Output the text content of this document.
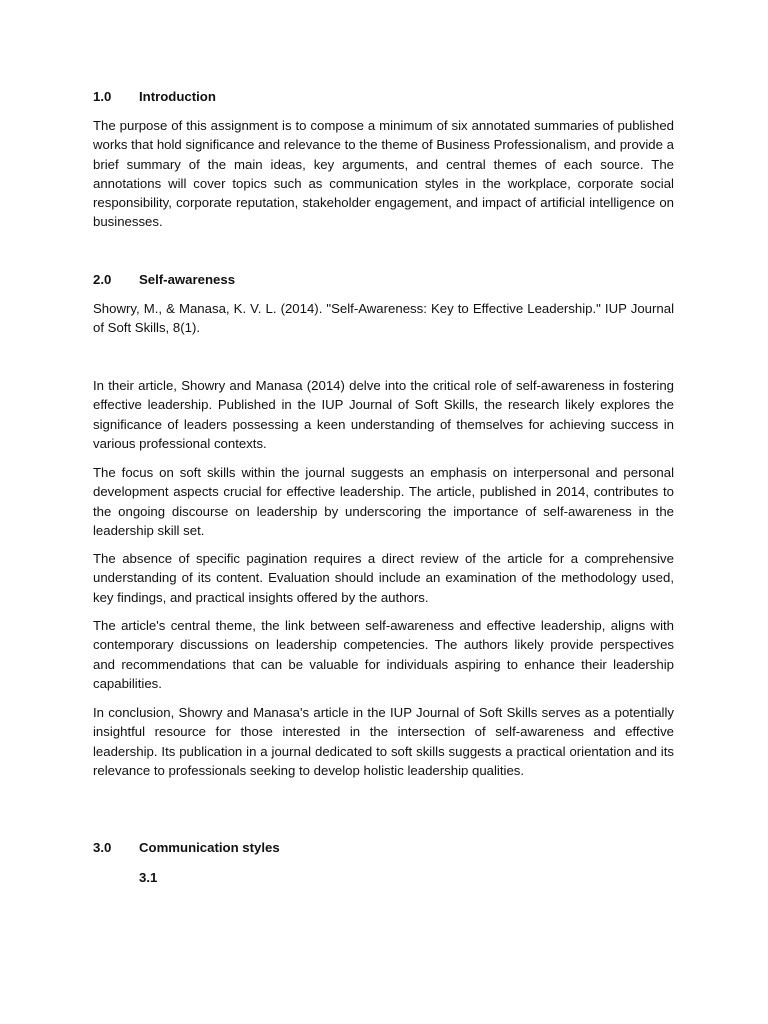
1.0 Introduction

The purpose of this assignment is to compose a minimum of six annotated summaries of published works that hold significance and relevance to the theme of Business Professionalism, and provide a brief summary of the main ideas, key arguments, and central themes of each source. The annotations will cover topics such as communication styles in the workplace, corporate social responsibility, corporate reputation, stakeholder engagement, and impact of artificial intelligence on businesses.

2.0 Self-awareness

Showry, M., & Manasa, K. V. L. (2014). "Self-Awareness: Key to Effective Leadership." IUP Journal of Soft Skills, 8(1).

In their article, Showry and Manasa (2014) delve into the critical role of self-awareness in fostering effective leadership. Published in the IUP Journal of Soft Skills, the research likely explores the significance of leaders possessing a keen understanding of themselves for achieving success in various professional contexts.

The focus on soft skills within the journal suggests an emphasis on interpersonal and personal development aspects crucial for effective leadership. The article, published in 2014, contributes to the ongoing discourse on leadership by underscoring the importance of self-awareness in the leadership skill set.

The absence of specific pagination requires a direct review of the article for a comprehensive understanding of its content. Evaluation should include an examination of the methodology used, key findings, and practical insights offered by the authors.

The article's central theme, the link between self-awareness and effective leadership, aligns with contemporary discussions on leadership competencies. The authors likely provide perspectives and recommendations that can be valuable for individuals aspiring to enhance their leadership capabilities.

In conclusion, Showry and Manasa's article in the IUP Journal of Soft Skills serves as a potentially insightful resource for those interested in the intersection of self-awareness and effective leadership. Its publication in a journal dedicated to soft skills suggests a practical orientation and its relevance to professionals seeking to develop holistic leadership qualities.

3.0 Communication styles
3.1
